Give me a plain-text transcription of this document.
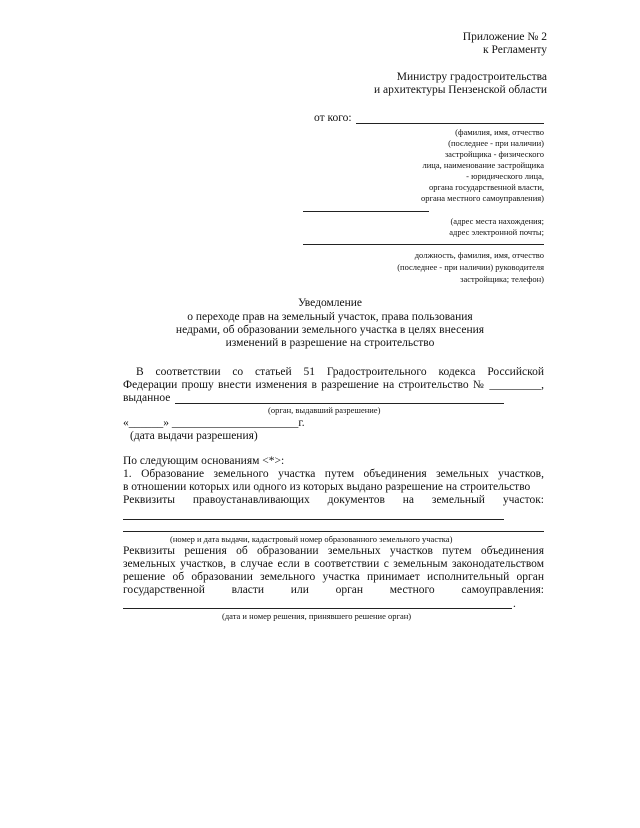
Приложение № 2
к Регламенту
Министру градостроительства
и архитектуры Пензенской области
от кого:
(фамилия, имя, отчество
(последнее - при наличии)
застройщика - физического
лица, наименование застройщика
- юридического лица,
органа государственной власти,
органа местного самоуправления)
(адрес места нахождения;
адрес электронной почты;
должность, фамилия, имя, отчество
(последнее - при наличии) руководителя
застройщика; телефон)
Уведомление
о переходе прав на земельный участок, права пользования
недрами, об образовании земельного участка в целях внесения
изменений в разрешение на строительство
В соответствии со статьей 51 Градостроительного кодекса Российской
Федерации прошу внести изменения в разрешение на строительство № _________,
выданное
(орган, выдавший разрешение)
«______» ______________________г.
(дата выдачи разрешения)
По следующим основаниям <*>:
1. Образование земельного участка путем объединения земельных участков,
в отношении которых или одного из которых выдано разрешение на строительство
Реквизиты правоустанавливающих документов на земельный участок:
(номер и дата выдачи, кадастровый номер образованного земельного участка)
Реквизиты решения об образовании земельных участков путем объединения
земельных участков, в случае если в соответствии с земельным законодательством
решение об образовании земельного участка принимает исполнительный орган
государственной власти или орган местного самоуправления:
.
(дата и номер решения, принявшего решение орган)
